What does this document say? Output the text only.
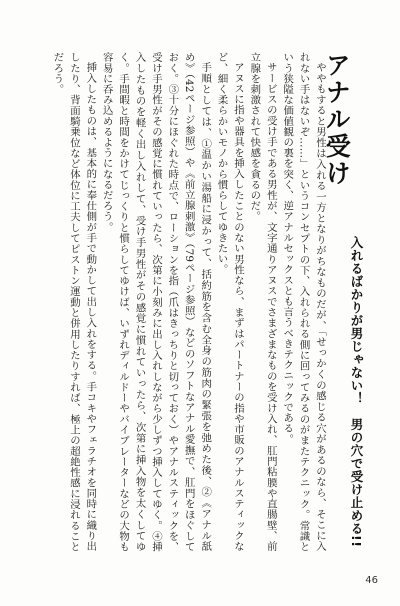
アナル受け
入れるばかりが男じゃない！　男の穴で受け止める!!

ややもすると男性は入れる一方となりがちなものだが、「せっかくの感じる穴があるのなら、そこに入れない手はないぞ……」というコンセプトの下、入れられる側に回ってみるのがまたテクニック。常識という狭隘な価値観の裏を突く、逆アナルセックスとも言うべきテクニックである。

サービスの受け手である男性が、文字通りアヌスでさまざまなものを受け入れ、肛門粘膜や直腸壁、前立腺を刺激されて快感を貪るのだ。

アヌスに指や器具を挿入したことのない男性なら、まずはパートナーの指や市販のアナルスティックなど、細く柔らかいモノから慣らしてゆきたい。

手順としては、①温かい湯船に浸かって、括約筋を含む全身の筋肉の緊張を弛めた後、②《アナル舐め》（42ページ参照）や《前立腺刺激》（79ページ参照）などのソフトなアナル愛撫で、肛門をほぐしておく。③十分にほぐれた時点で、ローションを指（爪はきっちりと切っておく）やアナルスティックを、受け手男性がその感覚に慣れていったら、次第に小刻みに出し入れしながら少しずつ挿入してゆく。④挿入したものを軽く出し入れして、受け手男性がその感覚に慣れていったら、次第に挿入物を太くしてゆく。手間暇と時間をかけてじっくりと慣らしてゆけば、いずれディルドーやバイブレーターなどの大物も容易に呑み込めるようになるだろう。

挿入したものは、基本的に奉仕側が手で動かして出し入れをする。手コキやフェラチオを同時に織り出したり、背面騎乗位など体位に工夫してピストン運動と併用したりすれば、極上の超絶性感に浸れることだろう。

46
